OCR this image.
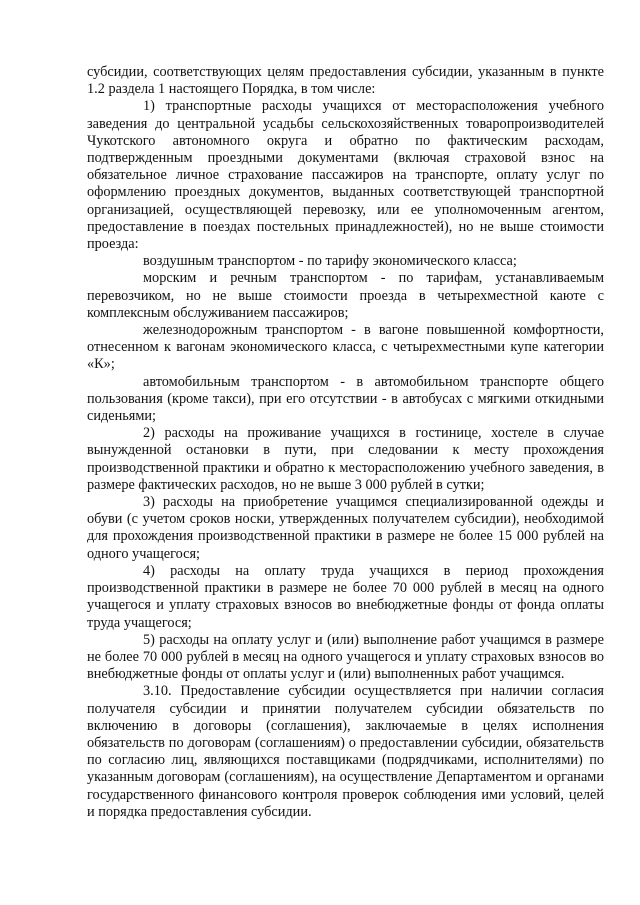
субсидии, соответствующих целям предоставления субсидии, указанным в пункте 1.2 раздела 1 настоящего Порядка, в том числе:

1) транспортные расходы учащихся от месторасположения учебного заведения до центральной усадьбы сельскохозяйственных товаропроизводителей Чукотского автономного округа и обратно по фактическим расходам, подтвержденным проездными документами (включая страховой взнос на обязательное личное страхование пассажиров на транспорте, оплату услуг по оформлению проездных документов, выданных соответствующей транспортной организацией, осуществляющей перевозку, или ее уполномоченным агентом, предоставление в поездах постельных принадлежностей), но не выше стоимости проезда:

воздушным транспортом - по тарифу экономического класса;

морским и речным транспортом - по тарифам, устанавливаемым перевозчиком, но не выше стоимости проезда в четырехместной каюте с комплексным обслуживанием пассажиров;

железнодорожным транспортом - в вагоне повышенной комфортности, отнесенном к вагонам экономического класса, с четырехместными купе категории «К»;

автомобильным транспортом - в автомобильном транспорте общего пользования (кроме такси), при его отсутствии - в автобусах с мягкими откидными сиденьями;

2) расходы на проживание учащихся в гостинице, хостеле в случае вынужденной остановки в пути, при следовании к месту прохождения производственной практики и обратно к месторасположению учебного заведения, в размере фактических расходов, но не выше 3 000 рублей в сутки;

3) расходы на приобретение учащимся специализированной одежды и обуви (с учетом сроков носки, утвержденных получателем субсидии), необходимой для прохождения производственной практики в размере не более 15 000 рублей на одного учащегося;

4) расходы на оплату труда учащихся в период прохождения производственной практики в размере не более 70 000 рублей в месяц на одного учащегося и уплату страховых взносов во внебюджетные фонды от фонда оплаты труда учащегося;

5) расходы на оплату услуг и (или) выполнение работ учащимся в размере не более 70 000 рублей в месяц на одного учащегося и уплату страховых взносов во внебюджетные фонды от оплаты услуг и (или) выполненных работ учащимся.

3.10. Предоставление субсидии осуществляется при наличии согласия получателя субсидии и принятии получателем субсидии обязательств по включению в договоры (соглашения), заключаемые в целях исполнения обязательств по договорам (соглашениям) о предоставлении субсидии, обязательств по согласию лиц, являющихся поставщиками (подрядчиками, исполнителями) по указанным договорам (соглашениям), на осуществление Департаментом и органами государственного финансового контроля проверок соблюдения ими условий, целей и порядка предоставления субсидии.
